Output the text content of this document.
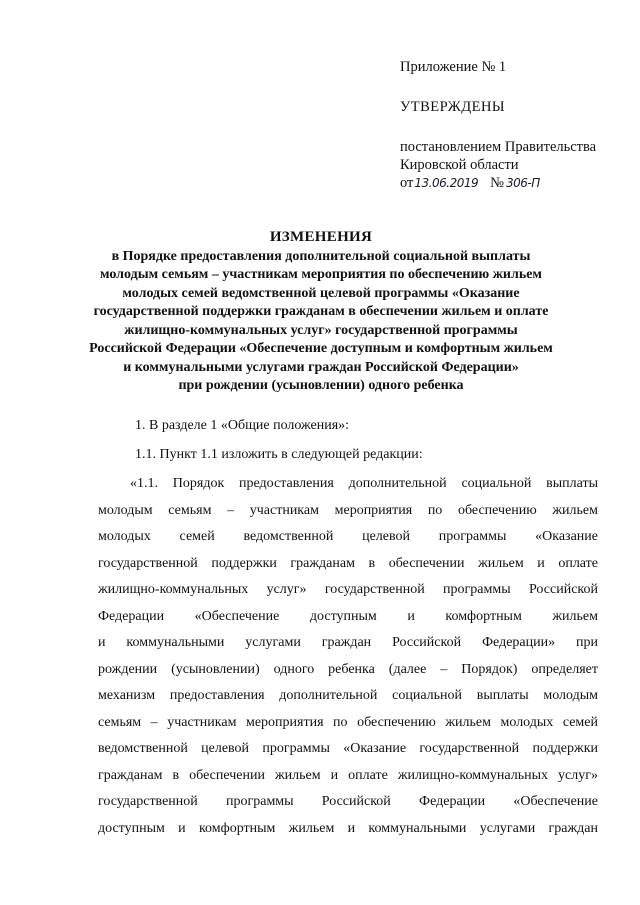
Приложение № 1
УТВЕРЖДЕНЫ
постановлением Правительства
Кировской области
от13.06.2019 № 306-П
ИЗМЕНЕНИЯ
в Порядке предоставления дополнительной социальной выплаты
молодым семьям – участникам мероприятия по обеспечению жильем
молодых семей ведомственной целевой программы «Оказание
государственной поддержки гражданам в обеспечении жильем и оплате
жилищно-коммунальных услуг» государственной программы
Российской Федерации «Обеспечение доступным и комфортным жильем
и коммунальными услугами граждан Российской Федерации»
при рождении (усыновлении) одного ребенка

1. В разделе 1 «Общие положения»:

1.1. Пункт 1.1 изложить в следующей редакции:

«1.1. Порядок предоставления дополнительной социальной выплаты
молодым семьям – участникам мероприятия по обеспечению жильем
молодых семей ведомственной целевой программы «Оказание
государственной поддержки гражданам в обеспечении жильем и оплате
жилищно-коммунальных услуг» государственной программы Российской
Федерации «Обеспечение доступным и комфортным жильем
и коммунальными услугами граждан Российской Федерации» при
рождении (усыновлении) одного ребенка (далее – Порядок) определяет
механизм предоставления дополнительной социальной выплаты молодым
семьям – участникам мероприятия по обеспечению жильем молодых семей
ведомственной целевой программы «Оказание государственной поддержки
гражданам в обеспечении жильем и оплате жилищно-коммунальных услуг»
государственной программы Российской Федерации «Обеспечение
доступным и комфортным жильем и коммунальными услугами граждан
